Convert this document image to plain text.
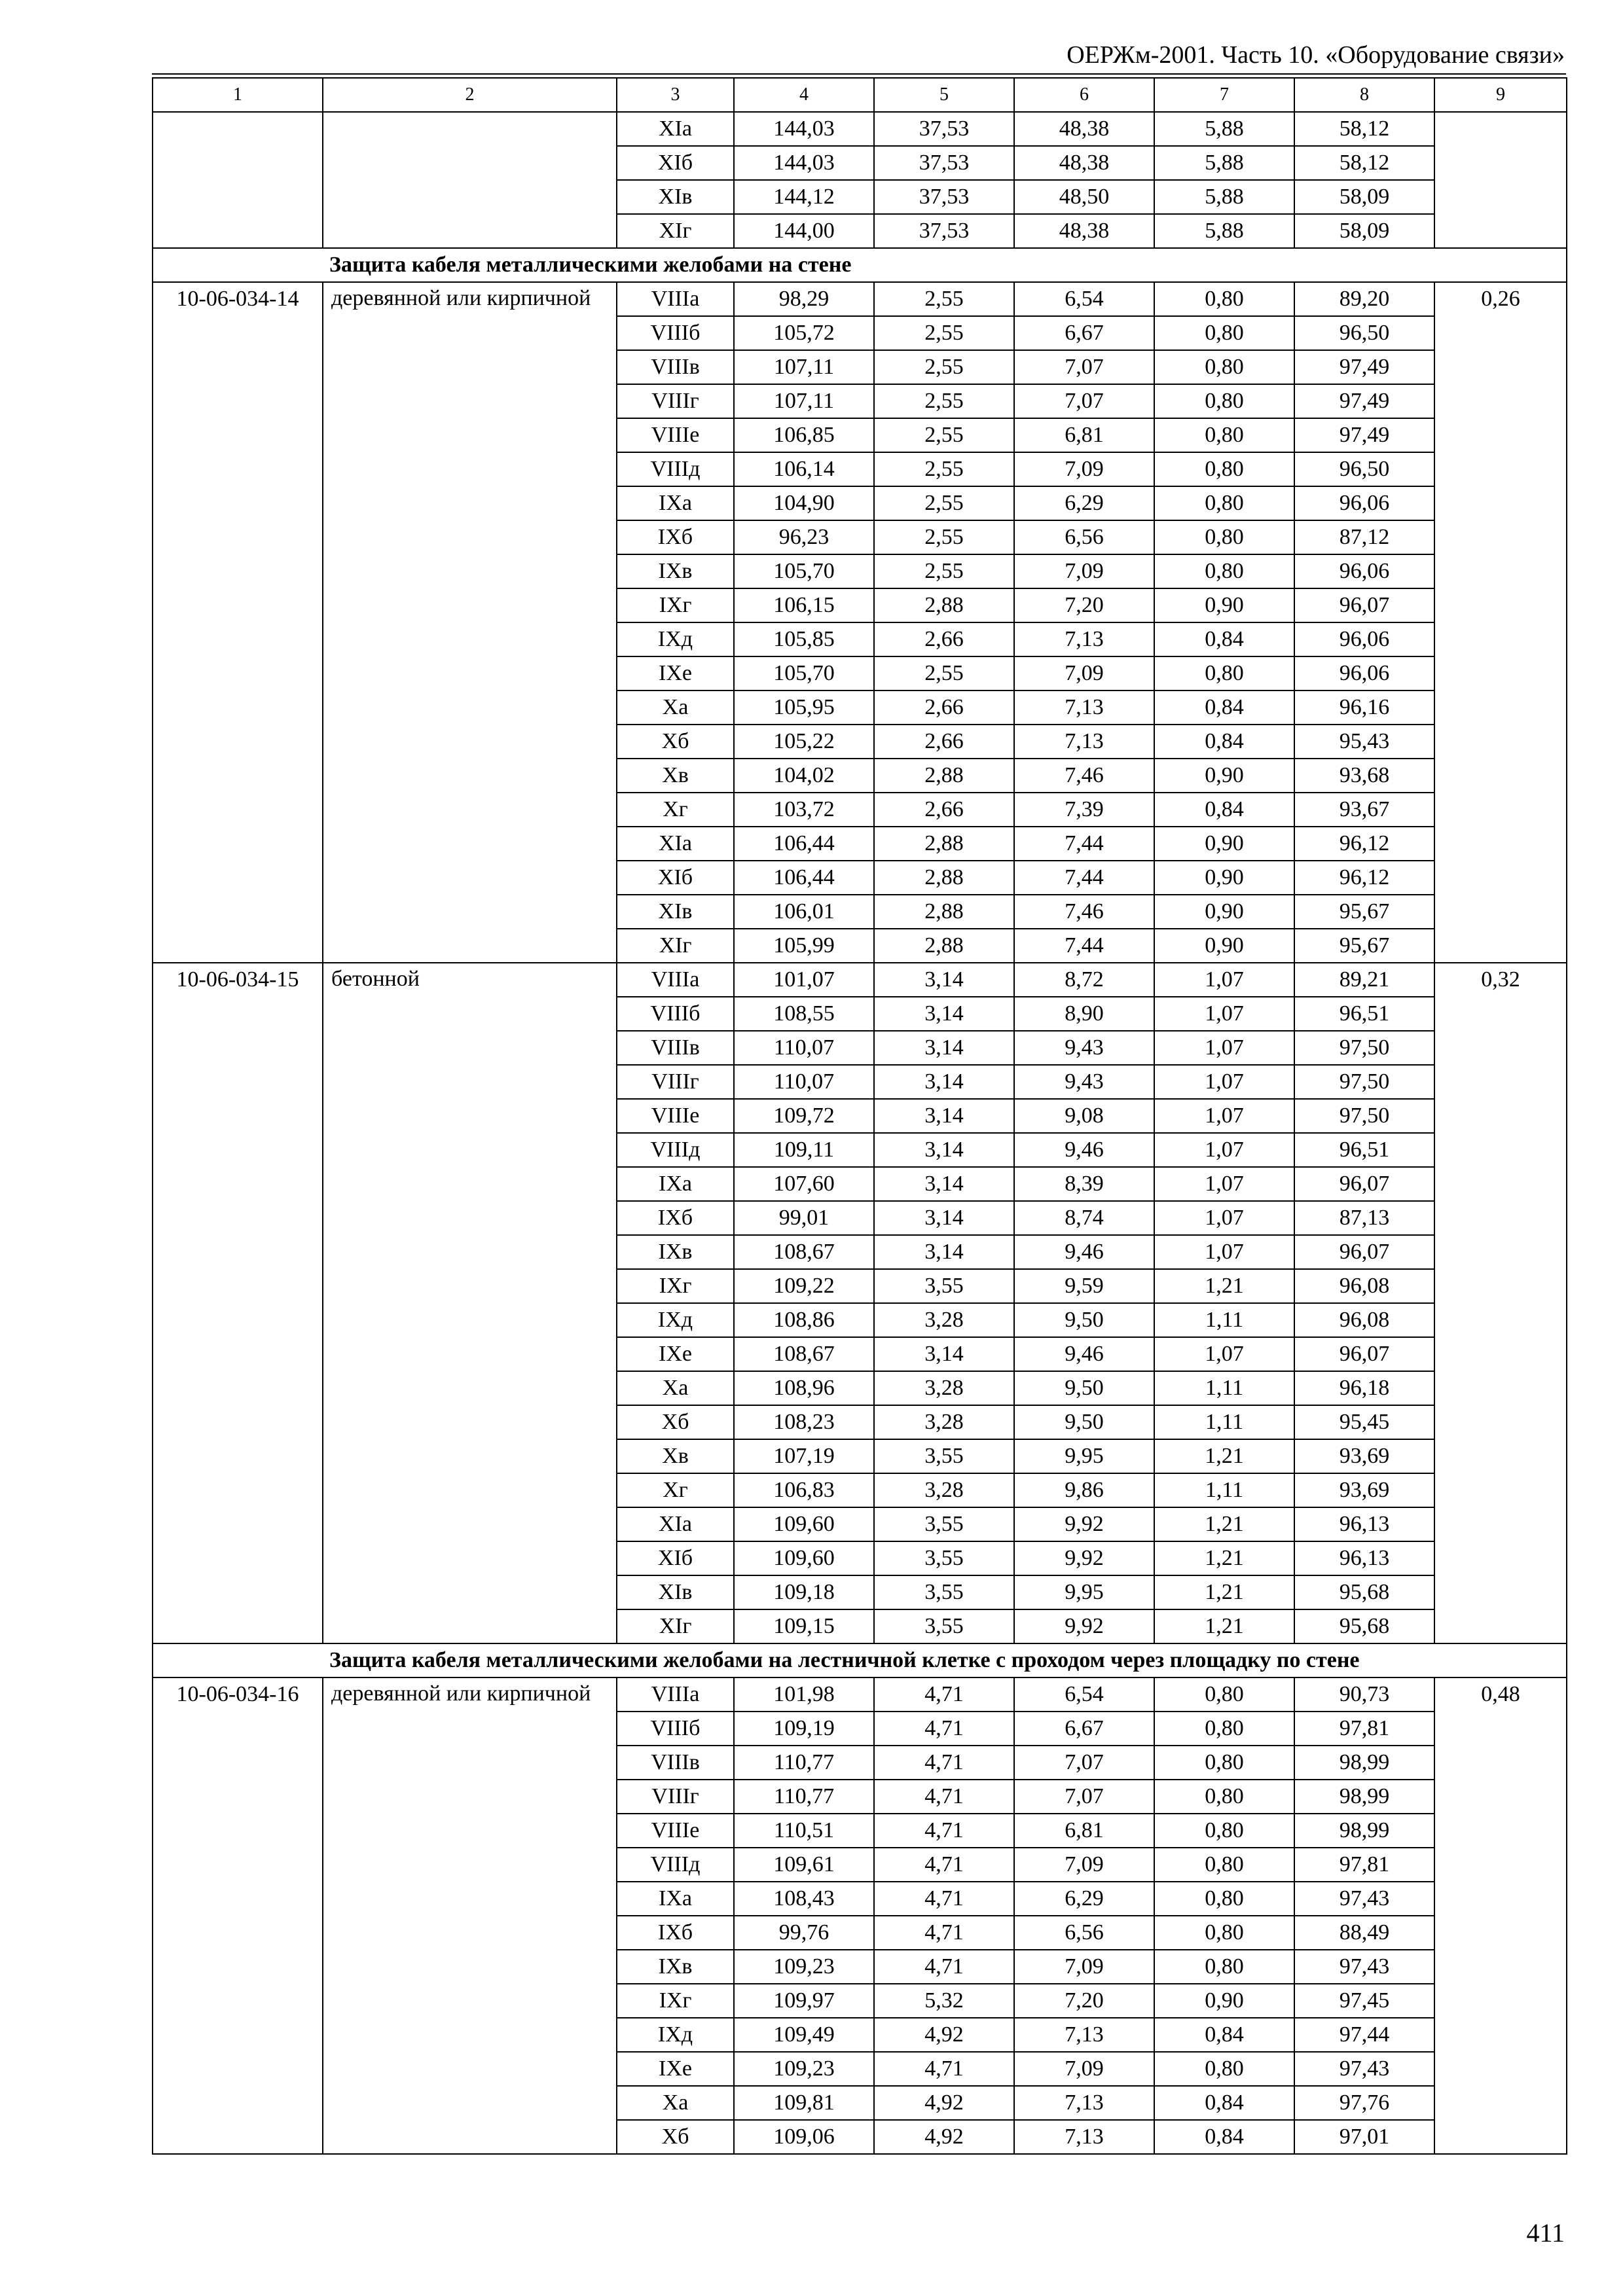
ОЕРЖм-2001. Часть 10. «Оборудование связи»
1	2	3	4	5	6	7	8	9
		XIа	144,03	37,53	48,38	5,88	58,12	
		XIб	144,03	37,53	48,38	5,88	58,12	
		XIв	144,12	37,53	48,50	5,88	58,09	
		XIг	144,00	37,53	48,38	5,88	58,09	
	Защита кабеля металлическими желобами на стене							
10-06-034-14	деревянной или кирпичной	VIIIа	98,29	2,55	6,54	0,80	89,20	0,26
		VIIIб	105,72	2,55	6,67	0,80	96,50	
		VIIIв	107,11	2,55	7,07	0,80	97,49	
		VIIIг	107,11	2,55	7,07	0,80	97,49	
		VIIIе	106,85	2,55	6,81	0,80	97,49	
		VIIIд	106,14	2,55	7,09	0,80	96,50	
		IXа	104,90	2,55	6,29	0,80	96,06	
		IXб	96,23	2,55	6,56	0,80	87,12	
		IXв	105,70	2,55	7,09	0,80	96,06	
		IXг	106,15	2,88	7,20	0,90	96,07	
		IXд	105,85	2,66	7,13	0,84	96,06	
		IXе	105,70	2,55	7,09	0,80	96,06	
		Xа	105,95	2,66	7,13	0,84	96,16	
		Xб	105,22	2,66	7,13	0,84	95,43	
		Xв	104,02	2,88	7,46	0,90	93,68	
		Xг	103,72	2,66	7,39	0,84	93,67	
		XIа	106,44	2,88	7,44	0,90	96,12	
		XIб	106,44	2,88	7,44	0,90	96,12	
		XIв	106,01	2,88	7,46	0,90	95,67	
		XIг	105,99	2,88	7,44	0,90	95,67	
10-06-034-15	бетонной	VIIIа	101,07	3,14	8,72	1,07	89,21	0,32
		VIIIб	108,55	3,14	8,90	1,07	96,51	
		VIIIв	110,07	3,14	9,43	1,07	97,50	
		VIIIг	110,07	3,14	9,43	1,07	97,50	
		VIIIе	109,72	3,14	9,08	1,07	97,50	
		VIIIд	109,11	3,14	9,46	1,07	96,51	
		IXа	107,60	3,14	8,39	1,07	96,07	
		IXб	99,01	3,14	8,74	1,07	87,13	
		IXв	108,67	3,14	9,46	1,07	96,07	
		IXг	109,22	3,55	9,59	1,21	96,08	
		IXд	108,86	3,28	9,50	1,11	96,08	
		IXе	108,67	3,14	9,46	1,07	96,07	
		Xа	108,96	3,28	9,50	1,11	96,18	
		Xб	108,23	3,28	9,50	1,11	95,45	
		Xв	107,19	3,55	9,95	1,21	93,69	
		Xг	106,83	3,28	9,86	1,11	93,69	
		XIа	109,60	3,55	9,92	1,21	96,13	
		XIб	109,60	3,55	9,92	1,21	96,13	
		XIв	109,18	3,55	9,95	1,21	95,68	
		XIг	109,15	3,55	9,92	1,21	95,68	
	Защита кабеля металлическими желобами на лестничной клетке с проходом через площадку по стене							
10-06-034-16	деревянной или кирпичной	VIIIа	101,98	4,71	6,54	0,80	90,73	0,48
		VIIIб	109,19	4,71	6,67	0,80	97,81	
		VIIIв	110,77	4,71	7,07	0,80	98,99	
		VIIIг	110,77	4,71	7,07	0,80	98,99	
		VIIIе	110,51	4,71	6,81	0,80	98,99	
		VIIIд	109,61	4,71	7,09	0,80	97,81	
		IXа	108,43	4,71	6,29	0,80	97,43	
		IXб	99,76	4,71	6,56	0,80	88,49	
		IXв	109,23	4,71	7,09	0,80	97,43	
		IXг	109,97	5,32	7,20	0,90	97,45	
		IXд	109,49	4,92	7,13	0,84	97,44	
		IXе	109,23	4,71	7,09	0,80	97,43	
		Xа	109,81	4,92	7,13	0,84	97,76	
		Xб	109,06	4,92	7,13	0,84	97,01	
411
